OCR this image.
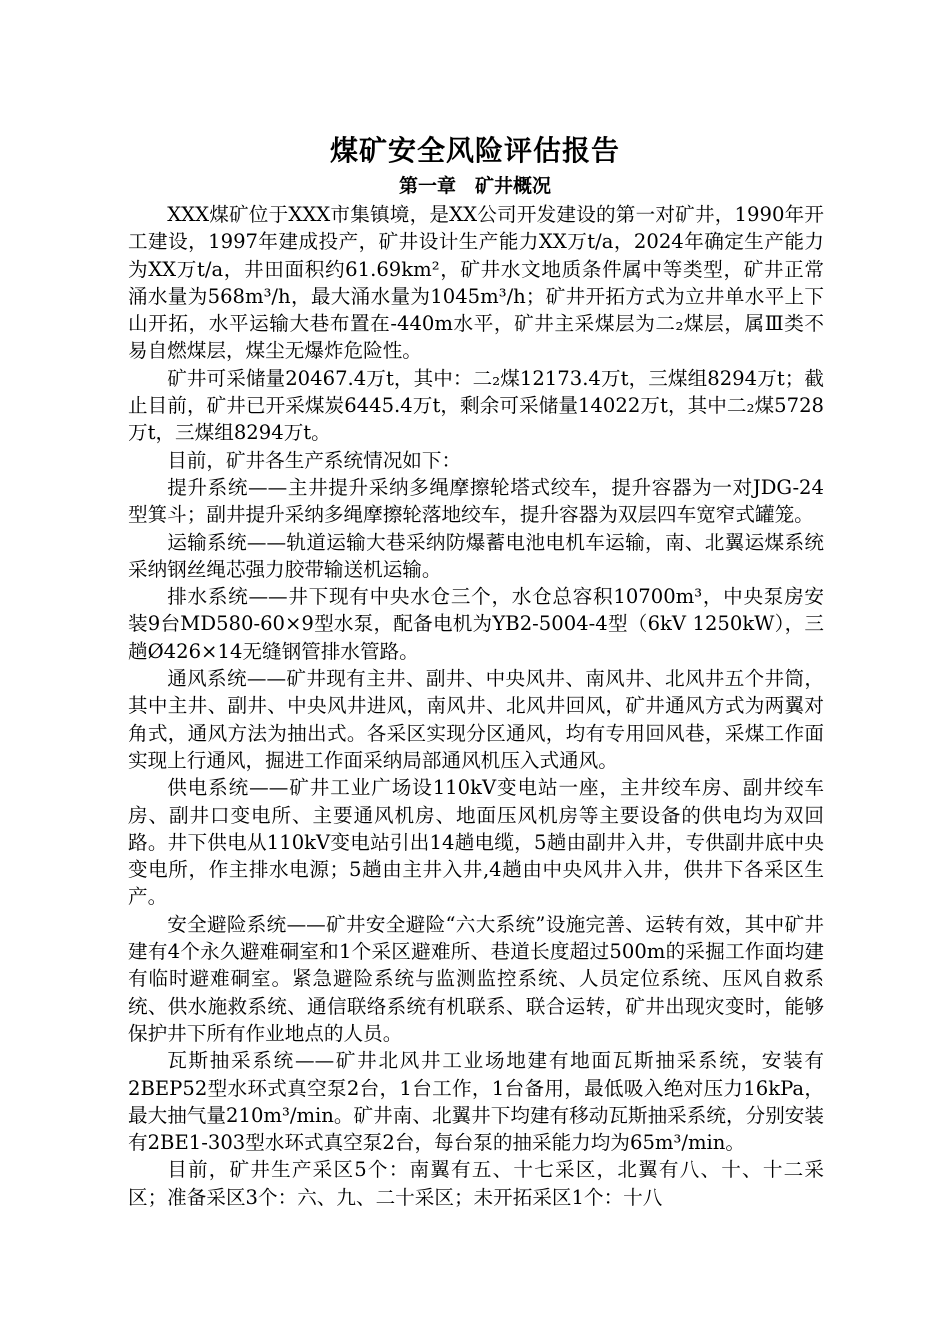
煤矿安全风险评估报告
第一章　矿井概况

XXX煤矿位于XXX市集镇境，是XX公司开发建设的第一对矿井，1990年开工建设，1997年建成投产，矿井设计生产能力XX万t/a，2024年确定生产能力为XX万t/a，井田面积约61.69km²，矿井水文地质条件属中等类型，矿井正常涌水量为568m³/h，最大涌水量为1045m³/h；矿井开拓方式为立井单水平上下山开拓，水平运输大巷布置在-440m水平，矿井主采煤层为二₂煤层，属Ⅲ类不易自燃煤层，煤尘无爆炸危险性。

矿井可采储量20467.4万t，其中：二₂煤12173.4万t，三煤组8294万t；截止目前，矿井已开采煤炭6445.4万t，剩余可采储量14022万t，其中二₂煤5728万t，三煤组8294万t。

目前，矿井各生产系统情况如下：

提升系统——主井提升采纳多绳摩擦轮塔式绞车，提升容器为一对JDG-24型箕斗；副井提升采纳多绳摩擦轮落地绞车，提升容器为双层四车宽窄式罐笼。

运输系统——轨道运输大巷采纳防爆蓄电池电机车运输，南、北翼运煤系统采纳钢丝绳芯强力胶带输送机运输。

排水系统——井下现有中央水仓三个，水仓总容积10700m³，中央泵房安装9台MD580-60×9型水泵，配备电机为YB2-5004-4型（6kV 1250kW），三趟Ø426×14无缝钢管排水管路。

通风系统——矿井现有主井、副井、中央风井、南风井、北风井五个井筒，其中主井、副井、中央风井进风，南风井、北风井回风，矿井通风方式为两翼对角式，通风方法为抽出式。各采区实现分区通风，均有专用回风巷，采煤工作面实现上行通风，掘进工作面采纳局部通风机压入式通风。

供电系统——矿井工业广场设110kV变电站一座，主井绞车房、副井绞车房、副井口变电所、主要通风机房、地面压风机房等主要设备的供电均为双回路。井下供电从110kV变电站引出14趟电缆，5趟由副井入井，专供副井底中央变电所，作主排水电源；5趟由主井入井,4趟由中央风井入井，供井下各采区生产。

安全避险系统——矿井安全避险“六大系统”设施完善、运转有效，其中矿井建有4个永久避难硐室和1个采区避难所、巷道长度超过500m的采掘工作面均建有临时避难硐室。紧急避险系统与监测监控系统、人员定位系统、压风自救系统、供水施救系统、通信联络系统有机联系、联合运转，矿井出现灾变时，能够保护井下所有作业地点的人员。

瓦斯抽采系统——矿井北风井工业场地建有地面瓦斯抽采系统，安装有2BEP52型水环式真空泵2台，1台工作，1台备用，最低吸入绝对压力16kPa，最大抽气量210m³/min。矿井南、北翼井下均建有移动瓦斯抽采系统，分别安装有2BE1-303型水环式真空泵2台，每台泵的抽采能力均为65m³/min。

目前，矿井生产采区5个：南翼有五、十七采区，北翼有八、十、十二采区；准备采区3个：六、九、二十采区；未开拓采区1个：十八
